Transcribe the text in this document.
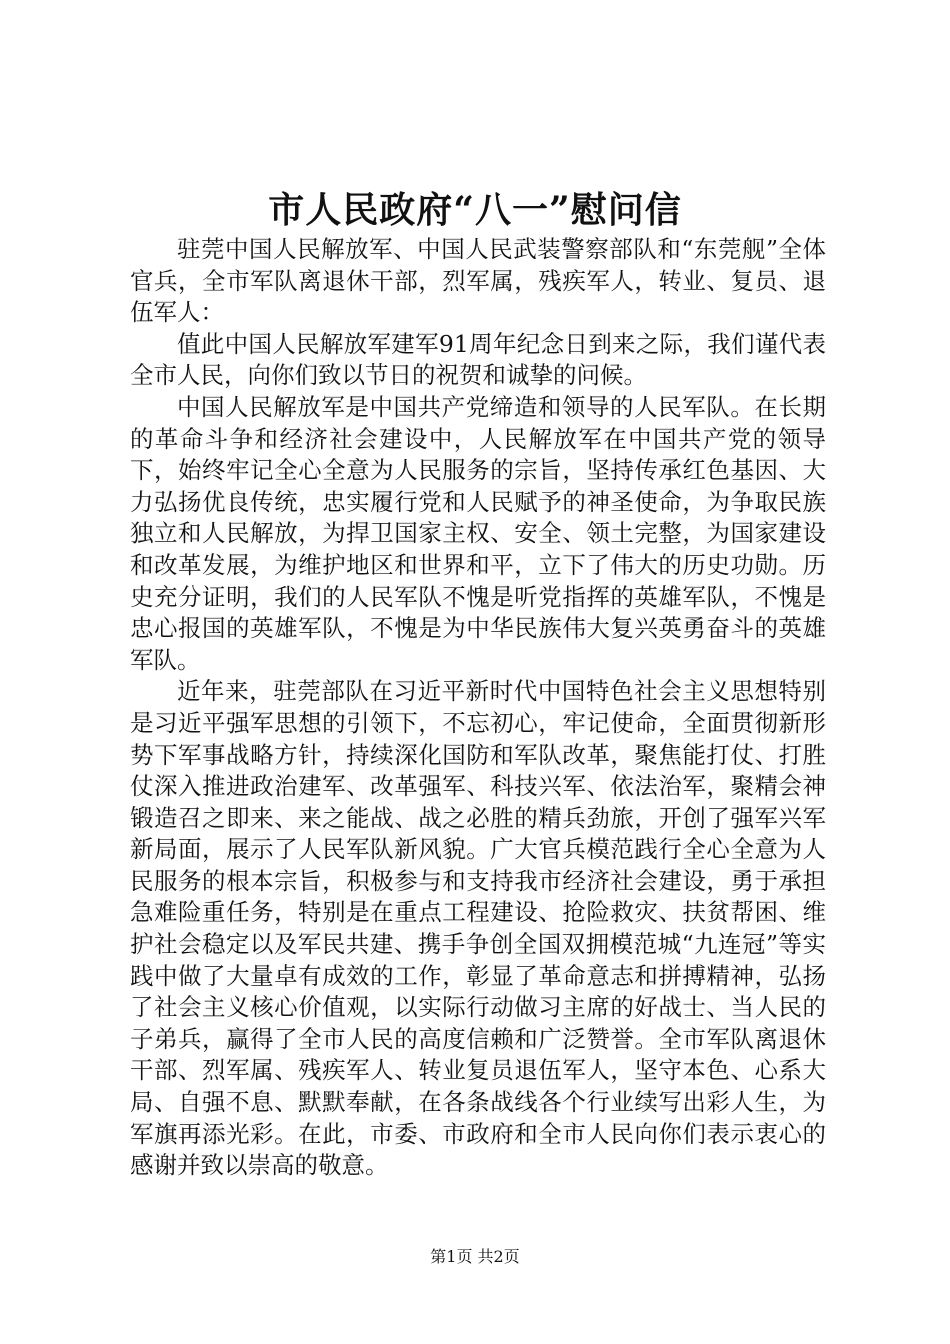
市人民政府“八一”慰问信

驻莞中国人民解放军、中国人民武装警察部队和“东莞舰”全体官兵，全市军队离退休干部，烈军属，残疾军人，转业、复员、退伍军人：

值此中国人民解放军建军91周年纪念日到来之际，我们谨代表全市人民，向你们致以节日的祝贺和诚挚的问候。

中国人民解放军是中国共产党缔造和领导的人民军队。在长期的革命斗争和经济社会建设中，人民解放军在中国共产党的领导下，始终牢记全心全意为人民服务的宗旨，坚持传承红色基因、大力弘扬优良传统，忠实履行党和人民赋予的神圣使命，为争取民族独立和人民解放，为捍卫国家主权、安全、领土完整，为国家建设和改革发展，为维护地区和世界和平，立下了伟大的历史功勋。历史充分证明，我们的人民军队不愧是听党指挥的英雄军队，不愧是忠心报国的英雄军队，不愧是为中华民族伟大复兴英勇奋斗的英雄军队。

近年来，驻莞部队在习近平新时代中国特色社会主义思想特别是习近平强军思想的引领下，不忘初心，牢记使命，全面贯彻新形势下军事战略方针，持续深化国防和军队改革，聚焦能打仗、打胜仗深入推进政治建军、改革强军、科技兴军、依法治军，聚精会神锻造召之即来、来之能战、战之必胜的精兵劲旅，开创了强军兴军新局面，展示了人民军队新风貌。广大官兵模范践行全心全意为人民服务的根本宗旨，积极参与和支持我市经济社会建设，勇于承担急难险重任务，特别是在重点工程建设、抢险救灾、扶贫帮困、维护社会稳定以及军民共建、携手争创全国双拥模范城“九连冠”等实践中做了大量卓有成效的工作，彰显了革命意志和拼搏精神，弘扬了社会主义核心价值观，以实际行动做习主席的好战士、当人民的子弟兵，赢得了全市人民的高度信赖和广泛赞誉。全市军队离退休干部、烈军属、残疾军人、转业复员退伍军人，坚守本色、心系大局、自强不息、默默奉献，在各条战线各个行业续写出彩人生，为军旗再添光彩。在此，市委、市政府和全市人民向你们表示衷心的感谢并致以崇高的敬意。

第1页 共2页
